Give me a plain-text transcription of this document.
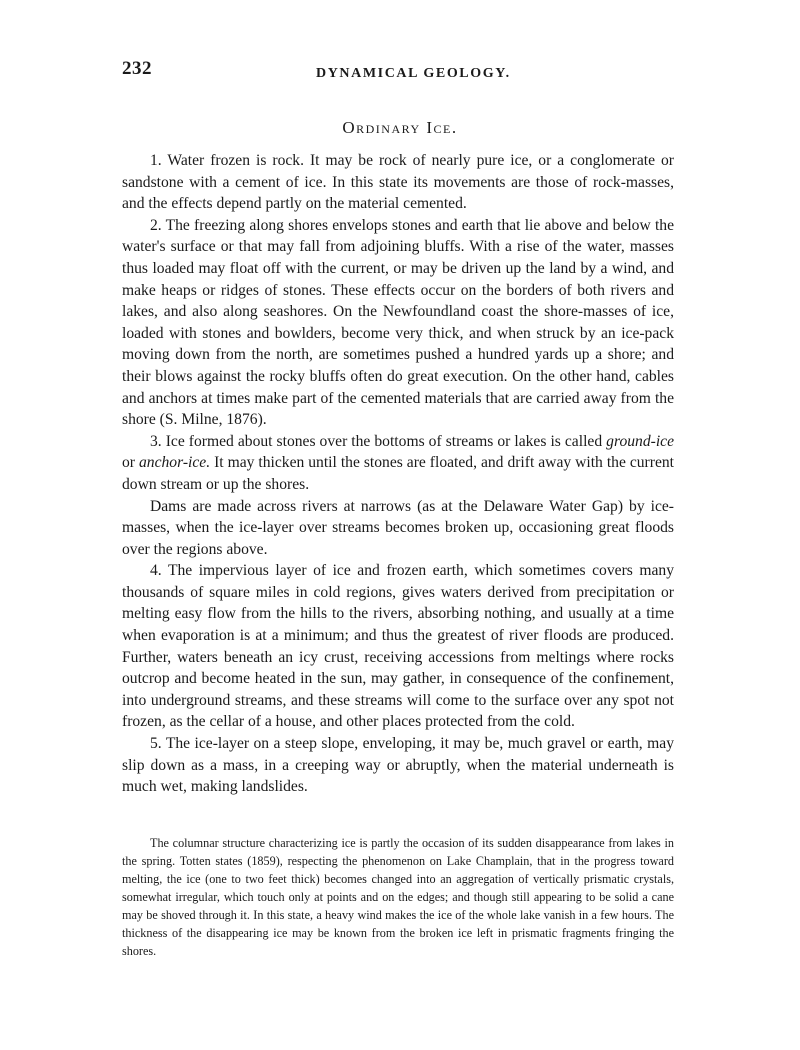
232	DYNAMICAL GEOLOGY.
Ordinary Ice.

1. Water frozen is rock. It may be rock of nearly pure ice, or a conglomerate or sandstone with a cement of ice. In this state its movements are those of rock-masses, and the effects depend partly on the material cemented.

2. The freezing along shores envelops stones and earth that lie above and below the water's surface or that may fall from adjoining bluffs. With a rise of the water, masses thus loaded may float off with the current, or may be driven up the land by a wind, and make heaps or ridges of stones. These effects occur on the borders of both rivers and lakes, and also along seashores. On the Newfoundland coast the shore-masses of ice, loaded with stones and bowlders, become very thick, and when struck by an ice-pack moving down from the north, are sometimes pushed a hundred yards up a shore; and their blows against the rocky bluffs often do great execution. On the other hand, cables and anchors at times make part of the cemented materials that are carried away from the shore (S. Milne, 1876).

3. Ice formed about stones over the bottoms of streams or lakes is called ground-ice or anchor-ice. It may thicken until the stones are floated, and drift away with the current down stream or up the shores.

Dams are made across rivers at narrows (as at the Delaware Water Gap) by ice-masses, when the ice-layer over streams becomes broken up, occasioning great floods over the regions above.

4. The impervious layer of ice and frozen earth, which sometimes covers many thousands of square miles in cold regions, gives waters derived from precipitation or melting easy flow from the hills to the rivers, absorbing nothing, and usually at a time when evaporation is at a minimum; and thus the greatest of river floods are produced. Further, waters beneath an icy crust, receiving accessions from meltings where rocks outcrop and become heated in the sun, may gather, in consequence of the confinement, into underground streams, and these streams will come to the surface over any spot not frozen, as the cellar of a house, and other places protected from the cold.

5. The ice-layer on a steep slope, enveloping, it may be, much gravel or earth, may slip down as a mass, in a creeping way or abruptly, when the material underneath is much wet, making landslides.

The columnar structure characterizing ice is partly the occasion of its sudden disappearance from lakes in the spring. Totten states (1859), respecting the phenomenon on Lake Champlain, that in the progress toward melting, the ice (one to two feet thick) becomes changed into an aggregation of vertically prismatic crystals, somewhat irregular, which touch only at points and on the edges; and though still appearing to be solid a cane may be shoved through it. In this state, a heavy wind makes the ice of the whole lake vanish in a few hours. The thickness of the disappearing ice may be known from the broken ice left in prismatic fragments fringing the shores.
